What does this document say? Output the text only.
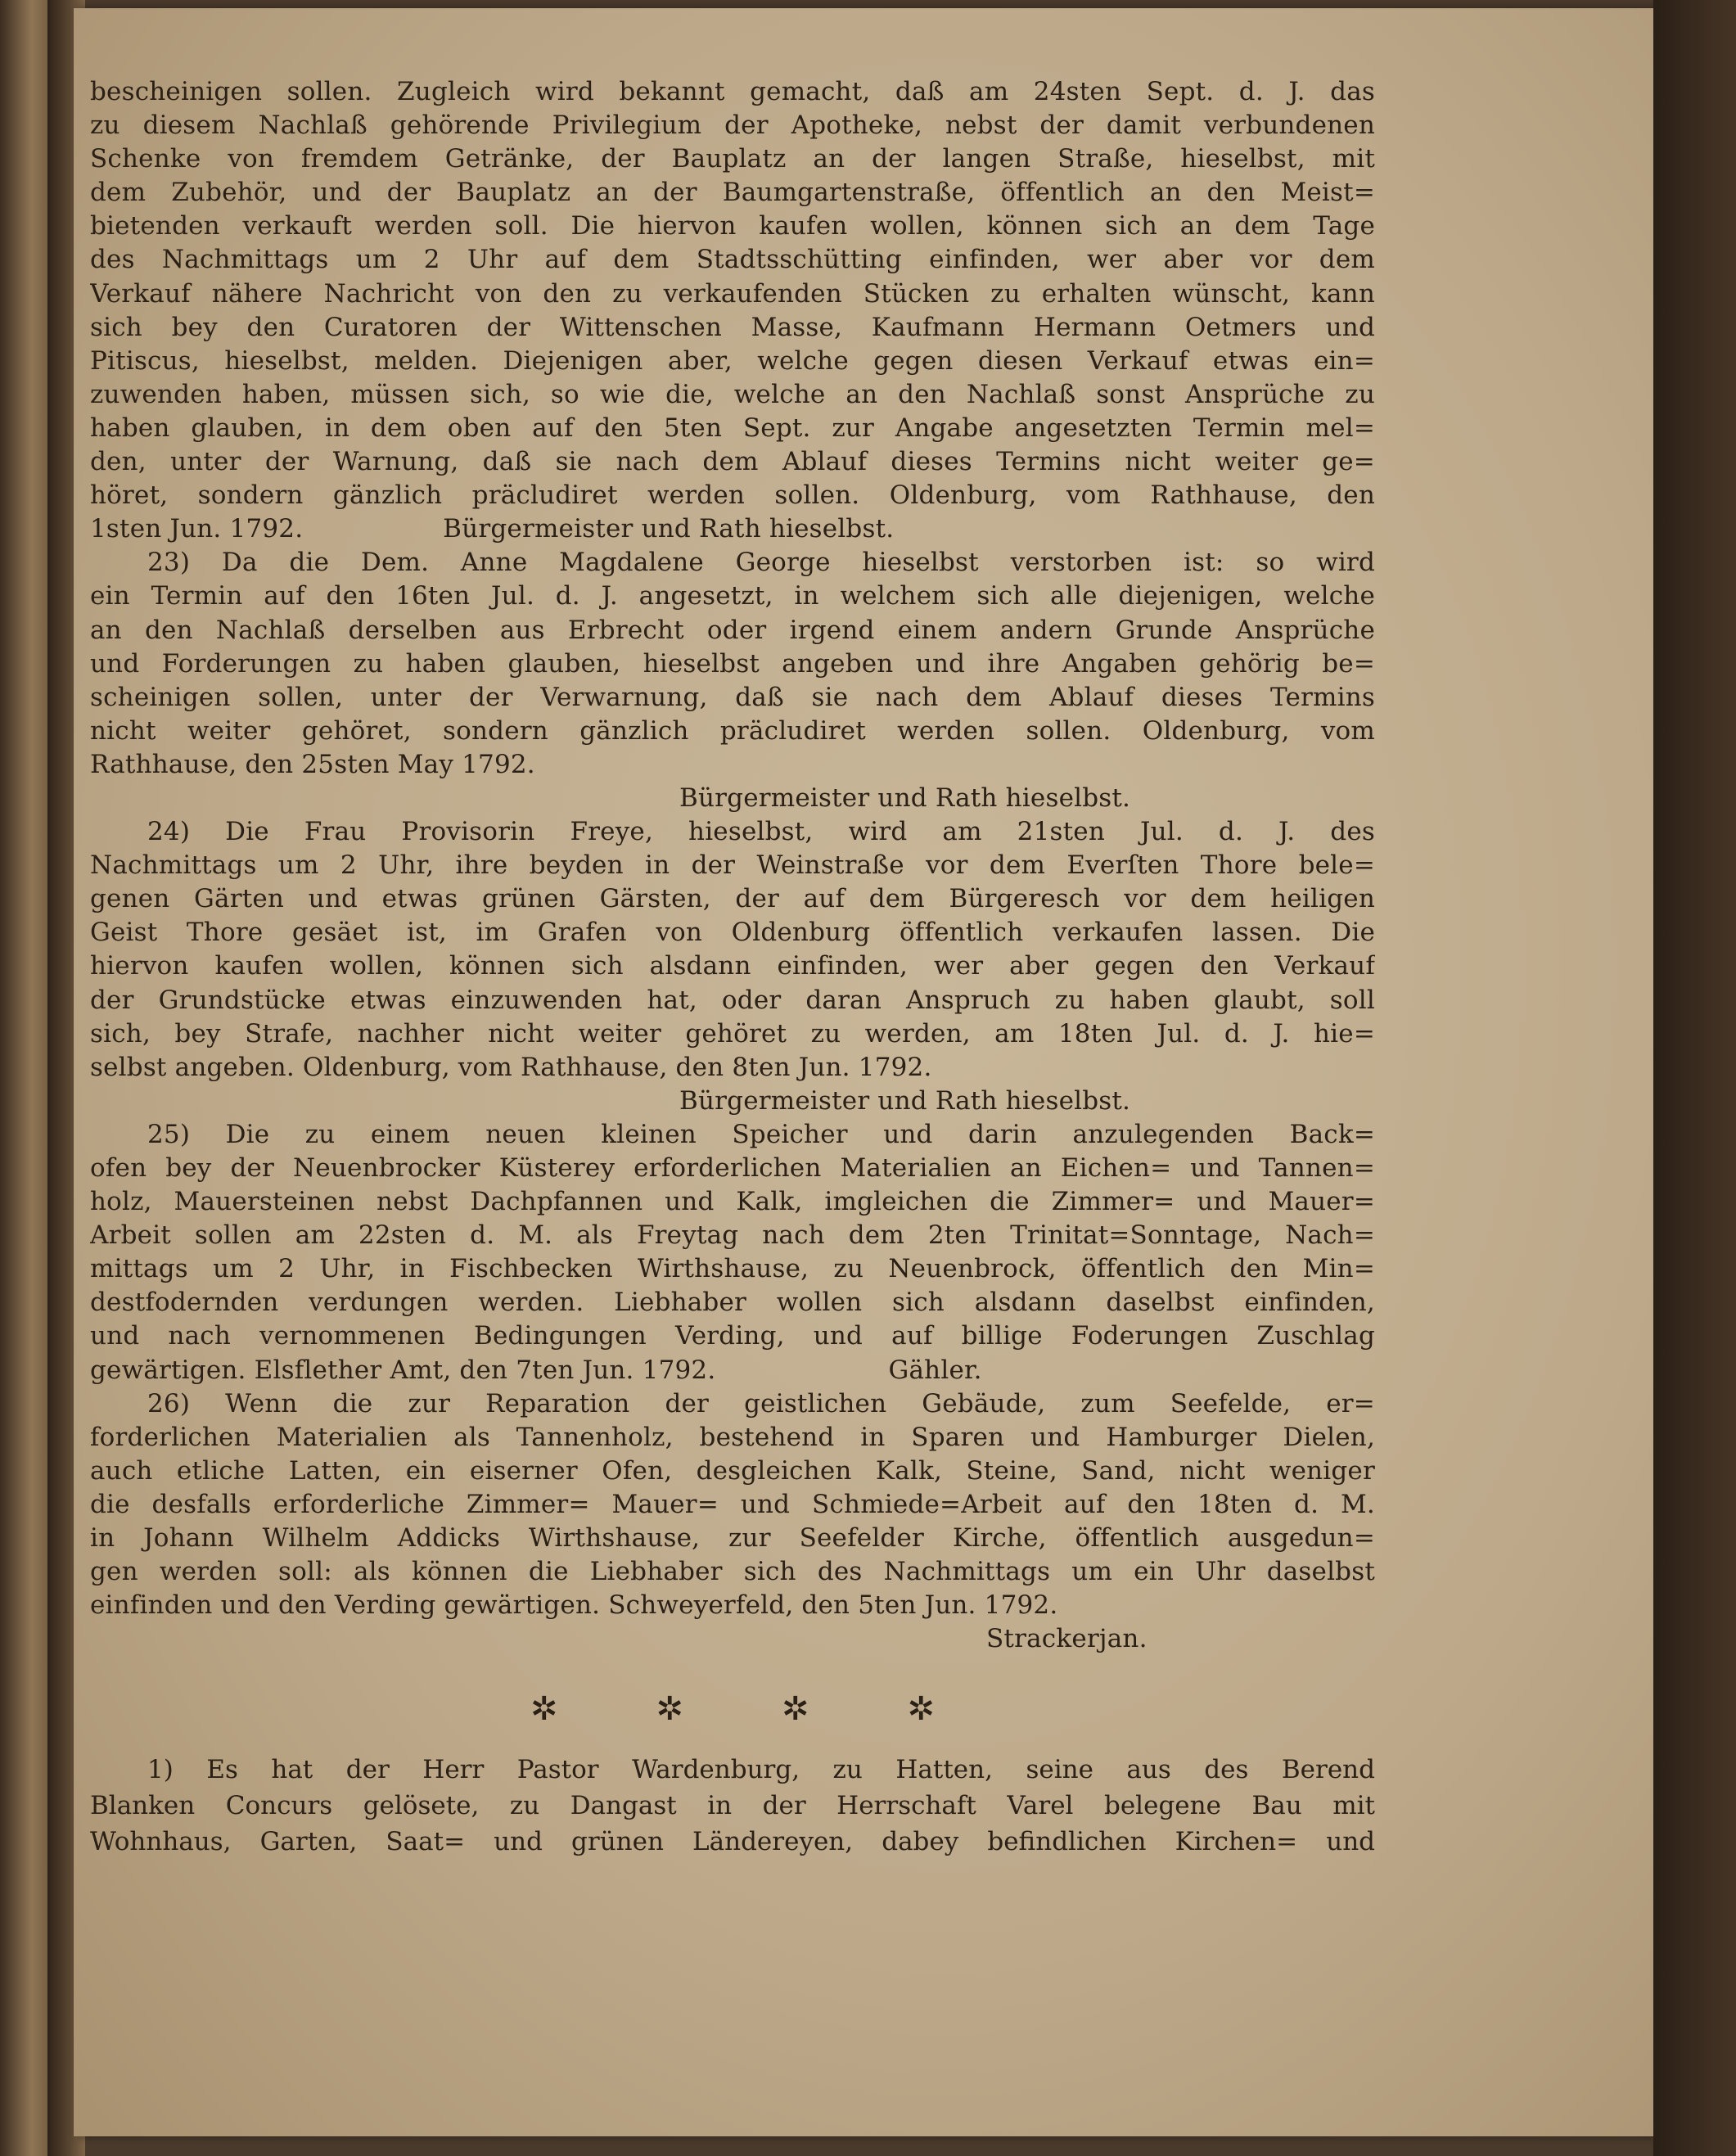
bescheinigen sollen. Zugleich wird bekannt gemacht, daß am 24sten Sept. d. J. das
zu diesem Nachlaß gehörende Privilegium der Apotheke, nebst der damit verbundenen
Schenke von fremdem Getränke, der Bauplatz an der langen Straße, hieselbst, mit
dem Zubehör, und der Bauplatz an der Baumgartenstraße, öffentlich an den Meist=
bietenden verkauft werden soll. Die hiervon kaufen wollen, können sich an dem Tage
des Nachmittags um 2 Uhr auf dem Stadtsschütting einfinden, wer aber vor dem
Verkauf nähere Nachricht von den zu verkaufenden Stücken zu erhalten wünscht, kann
sich bey den Curatoren der Wittenschen Masse, Kaufmann Hermann Oetmers und
Pitiscus, hieselbst, melden. Diejenigen aber, welche gegen diesen Verkauf etwas ein=
zuwenden haben, müssen sich, so wie die, welche an den Nachlaß sonst Ansprüche zu
haben glauben, in dem oben auf den 5ten Sept. zur Angabe angesetzten Termin mel=
den, unter der Warnung, daß sie nach dem Ablauf dieses Termins nicht weiter ge=
höret, sondern gänzlich präcludiret werden sollen. Oldenburg, vom Rathhause, den
1sten Jun. 1792.                 Bürgermeister und Rath hieselbst.
23) Da die Dem. Anne Magdalene George hieselbst verstorben ist: so wird
ein Termin auf den 16ten Jul. d. J. angesetzt, in welchem sich alle diejenigen, welche
an den Nachlaß derselben aus Erbrecht oder irgend einem andern Grunde Ansprüche
und Forderungen zu haben glauben, hieselbst angeben und ihre Angaben gehörig be=
scheinigen sollen, unter der Verwarnung, daß sie nach dem Ablauf dieses Termins
nicht weiter gehöret, sondern gänzlich präcludiret werden sollen. Oldenburg, vom
Rathhause, den 25sten May 1792.
Bürgermeister und Rath hieselbst.
24) Die Frau Provisorin Freye, hieselbst, wird am 21sten Jul. d. J. des
Nachmittags um 2 Uhr, ihre beyden in der Weinstraße vor dem Everſten Thore bele=
genen Gärten und etwas grünen Gärsten, der auf dem Bürgeresch vor dem heiligen
Geist Thore gesäet ist, im Grafen von Oldenburg öffentlich verkaufen lassen. Die
hiervon kaufen wollen, können sich alsdann einfinden, wer aber gegen den Verkauf
der Grundstücke etwas einzuwenden hat, oder daran Anspruch zu haben glaubt, soll
sich, bey Strafe, nachher nicht weiter gehöret zu werden, am 18ten Jul. d. J. hie=
selbst angeben. Oldenburg, vom Rathhause, den 8ten Jun. 1792.
Bürgermeister und Rath hieselbst.
25) Die zu einem neuen kleinen Speicher und darin anzulegenden Back=
ofen bey der Neuenbrocker Küsterey erforderlichen Materialien an Eichen= und Tannen=
holz, Mauersteinen nebst Dachpfannen und Kalk, imgleichen die Zimmer= und Mauer=
Arbeit sollen am 22sten d. M. als Freytag nach dem 2ten Trinitat=Sonntage, Nach=
mittags um 2 Uhr, in Fischbecken Wirthshause, zu Neuenbrock, öffentlich den Min=
destfodernden verdungen werden. Liebhaber wollen sich alsdann daselbst einfinden,
und nach vernommenen Bedingungen Verding, und auf billige Foderungen Zuschlag
gewärtigen. Elsflether Amt, den 7ten Jun. 1792.                     Gähler.
26) Wenn die zur Reparation der geistlichen Gebäude, zum Seefelde, er=
forderlichen Materialien als Tannenholz, bestehend in Sparen und Hamburger Dielen,
auch etliche Latten, ein eiserner Ofen, desgleichen Kalk, Steine, Sand, nicht weniger
die desfalls erforderliche Zimmer= Mauer= und Schmiede=Arbeit auf den 18ten d. M.
in Johann Wilhelm Addicks Wirthshause, zur Seefelder Kirche, öffentlich ausgedun=
gen werden soll: als können die Liebhaber sich des Nachmittags um ein Uhr daselbst
einfinden und den Verding gewärtigen. Schweyerfeld, den 5ten Jun. 1792.
Strackerjan.
✲	✲	✲	✲
1) Es hat der Herr Pastor Wardenburg, zu Hatten, seine aus des Berend
Blanken Concurs gelösete, zu Dangast in der Herrschaft Varel belegene Bau mit
Wohnhaus, Garten, Saat= und grünen Ländereyen, dabey befindlichen Kirchen= und
